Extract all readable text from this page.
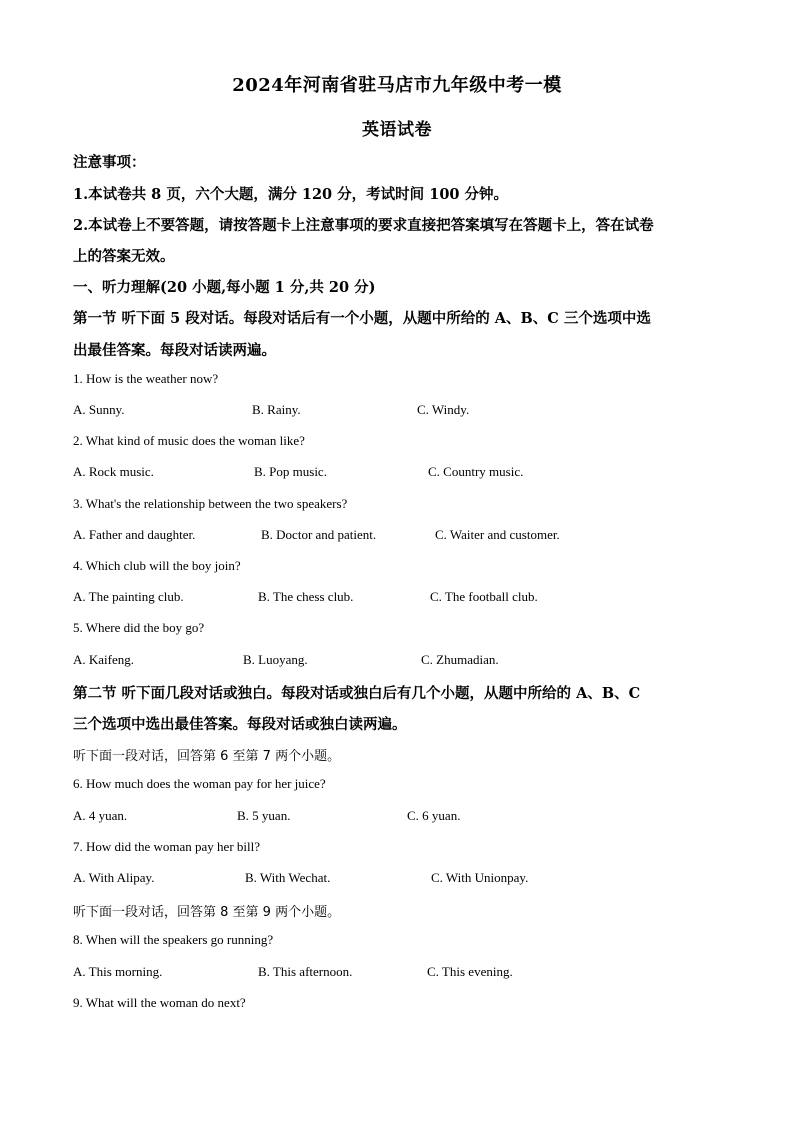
2024年河南省驻马店市九年级中考一模
英语试卷
注意事项：
1.本试卷共 8 页，六个大题，满分 120 分，考试时间 100 分钟。
2.本试卷上不要答题，请按答题卡上注意事项的要求直接把答案填写在答题卡上，答在试卷
上的答案无效。
一、听力理解(20 小题,每小题 1 分,共 20 分)
第一节 听下面 5 段对话。每段对话后有一个小题，从题中所给的 A、B、C 三个选项中选
出最佳答案。每段对话读两遍。
1. How is the weather now?
A. Sunny.	B. Rainy.	C. Windy.
2. What kind of music does the woman like?
A. Rock music.	B. Pop music.	C. Country music.
3. What's the relationship between the two speakers?
A. Father and daughter.	B. Doctor and patient.	C. Waiter and customer.
4. Which club will the boy join?
A. The painting club.	B. The chess club.	C. The football club.
5. Where did the boy go?
A. Kaifeng.	B. Luoyang.	C. Zhumadian.
第二节 听下面几段对话或独白。每段对话或独白后有几个小题，从题中所给的 A、B、C
三个选项中选出最佳答案。每段对话或独白读两遍。
听下面一段对话，回答第 6 至第 7 两个小题。
6. How much does the woman pay for her juice?
A. 4 yuan.	B. 5 yuan.	C. 6 yuan.
7. How did the woman pay her bill?
A. With Alipay.	B. With Wechat.	C. With Unionpay.
听下面一段对话，回答第 8 至第 9 两个小题。
8. When will the speakers go running?
A. This morning.	B. This afternoon.	C. This evening.
9. What will the woman do next?
